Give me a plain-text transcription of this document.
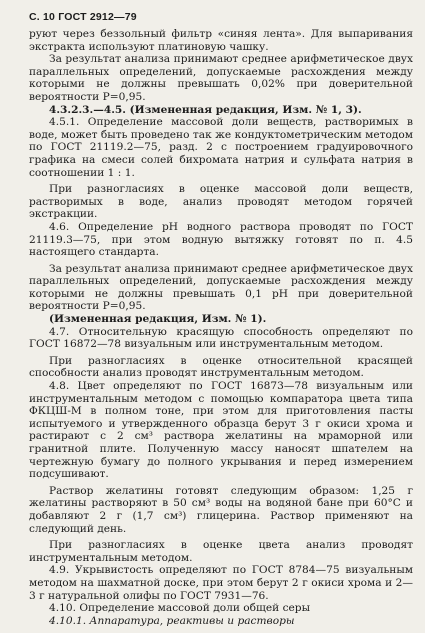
С. 10 ГОСТ 2912—79

руют через беззольный фильтр «синяя лента». Для выпаривания экстракта используют платиновую чашку.

За результат анализа принимают среднее арифметическое двух параллельных определений, допускаемые расхождения между которыми не должны превышать 0,02% при доверительной вероятности Р=0,95.

4.3.2.3.—4.5. (Измененная редакция, Изм. № 1, 3).

4.5.1. Определение массовой доли веществ, растворимых в воде, может быть проведено так же кондуктометрическим методом по ГОСТ 21119.2—75, разд. 2 с построением градуировочного графика на смеси солей бихромата натрия и сульфата натрия в соотношении 1 : 1.

При разногласиях в оценке массовой доли веществ, растворимых в воде, анализ проводят методом горячей экстракции.

4.6. Определение pH водного раствора проводят по ГОСТ 21119.3—75, при этом водную вытяжку готовят по п. 4.5 настоящего стандарта.

За результат анализа принимают среднее арифметическое двух параллельных определений, допускаемые расхождения между которыми не должны превышать 0,1 pH при доверительной вероятности Р=0,95.

(Измененная редакция, Изм. № 1).

4.7. Относительную красящую способность определяют по ГОСТ 16872—78 визуальным или инструментальным методом.

При разногласиях в оценке относительной красящей способности анализ проводят инструментальным методом.

4.8. Цвет определяют по ГОСТ 16873—78 визуальным или инструментальным методом с помощью компаратора цвета типа ФКЦШ-М в полном тоне, при этом для приготовления пасты испытуемого и утвержденного образца берут 3 г окиси хрома и растирают с 2 см³ раствора желатины на мраморной или гранитной плите. Полученную массу наносят шпателем на чертежную бумагу до полного укрывания и перед измерением подсушивают.

Раствор желатины готовят следующим образом: 1,25 г желатины растворяют в 50 см³ воды на водяной бане при 60°С и добавляют 2 г (1,7 см³) глицерина. Раствор применяют на следующий день.

При разногласиях в оценке цвета анализ проводят инструментальным методом.

4.9. Укрывистость определяют по ГОСТ 8784—75 визуальным методом на шахматной доске, при этом берут 2 г окиси хрома и 2—3 г натуральной олифы по ГОСТ 7931—76.

4.10. Определение массовой доли общей серы

4.10.1. Аппаратура, реактивы и растворы
